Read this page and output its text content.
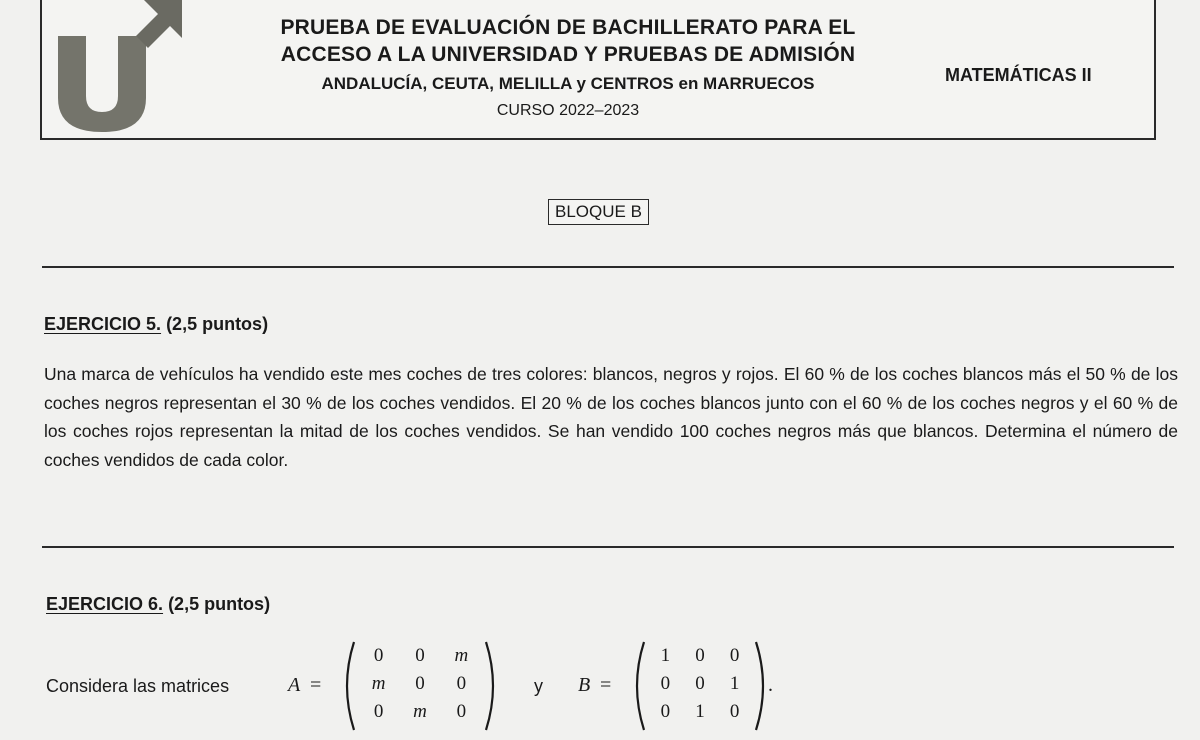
PRUEBA DE EVALUACIÓN DE BACHILLERATO PARA EL
ACCESO A LA UNIVERSIDAD Y PRUEBAS DE ADMISIÓN
ANDALUCÍA, CEUTA, MELILLA y CENTROS en MARRUECOS
CURSO 2022–2023
MATEMÁTICAS II
BLOQUE B
EJERCICIO 5. (2,5 puntos)
Una marca de vehículos ha vendido este mes coches de tres colores: blancos, negros y rojos. El 60 % de los coches blancos más el 50 % de los coches negros representan el 30 % de los coches vendidos. El 20 % de los coches blancos junto con el 60 % de los coches negros y el 60 % de los coches rojos representan la mitad de los coches vendidos. Se han vendido 100 coches negros más que blancos. Determina el número de coches vendidos de cada color.
EJERCICIO 6. (2,5 puntos)
Considera las matrices	A =
0	0	m
m	0	0
0	m	0
y B =
1	0	0
0	0	1
0	1	0
.
